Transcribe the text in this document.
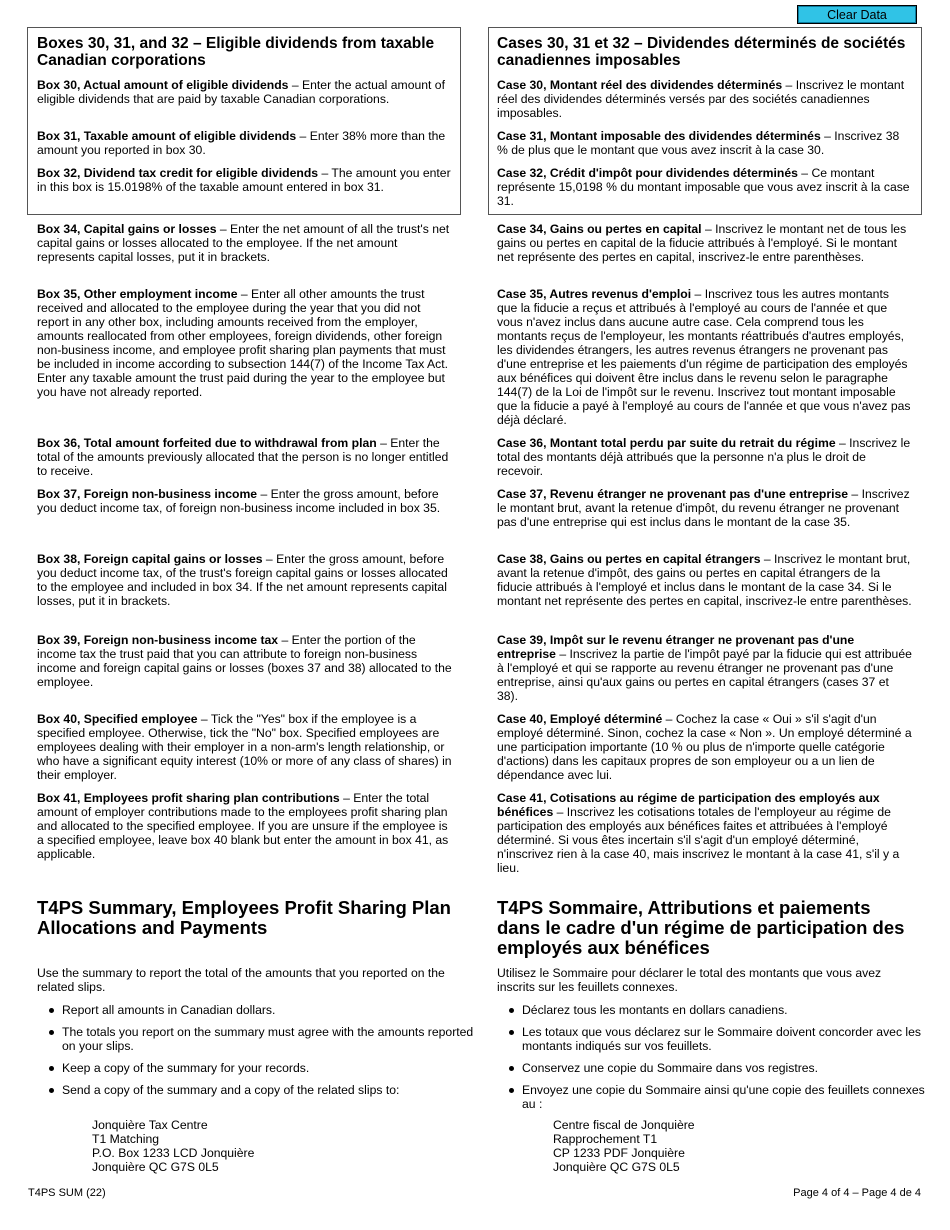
Clear Data
Boxes 30, 31, and 32 – Eligible dividends from taxable Canadian corporations

Box 30, Actual amount of eligible dividends – Enter the actual amount of eligible dividends that are paid by taxable Canadian corporations.

Box 31, Taxable amount of eligible dividends – Enter 38% more than the amount you reported in box 30.

Box 32, Dividend tax credit for eligible dividends – The amount you enter in this box is 15.0198% of the taxable amount entered in box 31.

Box 34, Capital gains or losses – Enter the net amount of all the trust's net capital gains or losses allocated to the employee. If the net amount represents capital losses, put it in brackets.

Box 35, Other employment income – Enter all other amounts the trust received and allocated to the employee during the year that you did not report in any other box, including amounts received from the employer, amounts reallocated from other employees, foreign dividends, other foreign non-business income, and employee profit sharing plan payments that must be included in income according to subsection 144(7) of the Income Tax Act. Enter any taxable amount the trust paid during the year to the employee but you have not already reported.

Box 36, Total amount forfeited due to withdrawal from plan – Enter the total of the amounts previously allocated that the person is no longer entitled to receive.

Box 37, Foreign non-business income – Enter the gross amount, before you deduct income tax, of foreign non-business income included in box 35.

Box 38, Foreign capital gains or losses – Enter the gross amount, before you deduct income tax, of the trust's foreign capital gains or losses allocated to the employee and included in box 34. If the net amount represents capital losses, put it in brackets.

Box 39, Foreign non-business income tax – Enter the portion of the income tax the trust paid that you can attribute to foreign non-business income and foreign capital gains or losses (boxes 37 and 38) allocated to the employee.

Box 40, Specified employee – Tick the "Yes" box if the employee is a specified employee. Otherwise, tick the "No" box. Specified employees are employees dealing with their employer in a non-arm's length relationship, or who have a significant equity interest (10% or more of any class of shares) in their employer.

Box 41, Employees profit sharing plan contributions – Enter the total amount of employer contributions made to the employees profit sharing plan and allocated to the specified employee. If you are unsure if the employee is a specified employee, leave box 40 blank but enter the amount in box 41, as applicable.

T4PS Summary, Employees Profit Sharing Plan Allocations and Payments

Use the summary to report the total of the amounts that you reported on the related slips.

Report all amounts in Canadian dollars.
The totals you report on the summary must agree with the amounts reported on your slips.
Keep a copy of the summary for your records.
Send a copy of the summary and a copy of the related slips to:
Jonquière Tax Centre
T1 Matching
P.O. Box 1233 LCD Jonquière
Jonquière QC G7S 0L5
Cases 30, 31 et 32 – Dividendes déterminés de sociétés canadiennes imposables

Case 30, Montant réel des dividendes déterminés – Inscrivez le montant réel des dividendes déterminés versés par des sociétés canadiennes imposables.

Case 31, Montant imposable des dividendes déterminés – Inscrivez 38 % de plus que le montant que vous avez inscrit à la case 30.

Case 32, Crédit d'impôt pour dividendes déterminés – Ce montant représente 15,0198 % du montant imposable que vous avez inscrit à la case 31.

Case 34, Gains ou pertes en capital – Inscrivez le montant net de tous les gains ou pertes en capital de la fiducie attribués à l'employé. Si le montant net représente des pertes en capital, inscrivez-le entre parenthèses.

Case 35, Autres revenus d'emploi – Inscrivez tous les autres montants que la fiducie a reçus et attribués à l'employé au cours de l'année et que vous n'avez inclus dans aucune autre case. Cela comprend tous les montants reçus de l'employeur, les montants réattribués d'autres employés, les dividendes étrangers, les autres revenus étrangers ne provenant pas d'une entreprise et les paiements d'un régime de participation des employés aux bénéfices qui doivent être inclus dans le revenu selon le paragraphe 144(7) de la Loi de l'impôt sur le revenu. Inscrivez tout montant imposable que la fiducie a payé à l'employé au cours de l'année et que vous n'avez pas déjà déclaré.

Case 36, Montant total perdu par suite du retrait du régime – Inscrivez le total des montants déjà attribués que la personne n'a plus le droit de recevoir.

Case 37, Revenu étranger ne provenant pas d'une entreprise – Inscrivez le montant brut, avant la retenue d'impôt, du revenu étranger ne provenant pas d'une entreprise qui est inclus dans le montant de la case 35.

Case 38, Gains ou pertes en capital étrangers – Inscrivez le montant brut, avant la retenue d'impôt, des gains ou pertes en capital étrangers de la fiducie attribués à l'employé et inclus dans le montant de la case 34. Si le montant net représente des pertes en capital, inscrivez-le entre parenthèses.

Case 39, Impôt sur le revenu étranger ne provenant pas d'une entreprise – Inscrivez la partie de l'impôt payé par la fiducie qui est attribuée à l'employé et qui se rapporte au revenu étranger ne provenant pas d'une entreprise, ainsi qu'aux gains ou pertes en capital étrangers (cases 37 et 38).

Case 40, Employé déterminé – Cochez la case « Oui » s'il s'agit d'un employé déterminé. Sinon, cochez la case « Non ». Un employé déterminé a une participation importante (10 % ou plus de n'importe quelle catégorie d'actions) dans les capitaux propres de son employeur ou a un lien de dépendance avec lui.

Case 41, Cotisations au régime de participation des employés aux bénéfices – Inscrivez les cotisations totales de l'employeur au régime de participation des employés aux bénéfices faites et attribuées à l'employé déterminé. Si vous êtes incertain s'il s'agit d'un employé déterminé, n'inscrivez rien à la case 40, mais inscrivez le montant à la case 41, s'il y a lieu.

T4PS Sommaire, Attributions et paiements dans le cadre d'un régime de participation des employés aux bénéfices

Utilisez le Sommaire pour déclarer le total des montants que vous avez inscrits sur les feuillets connexes.

Déclarez tous les montants en dollars canadiens.
Les totaux que vous déclarez sur le Sommaire doivent concorder avec les montants indiqués sur vos feuillets.
Conservez une copie du Sommaire dans vos registres.
Envoyez une copie du Sommaire ainsi qu'une copie des feuillets connexes au :
Centre fiscal de Jonquière
Rapprochement T1
CP 1233 PDF Jonquière
Jonquière QC G7S 0L5
T4PS SUM (22)	Page 4 of 4 – Page 4 de 4
